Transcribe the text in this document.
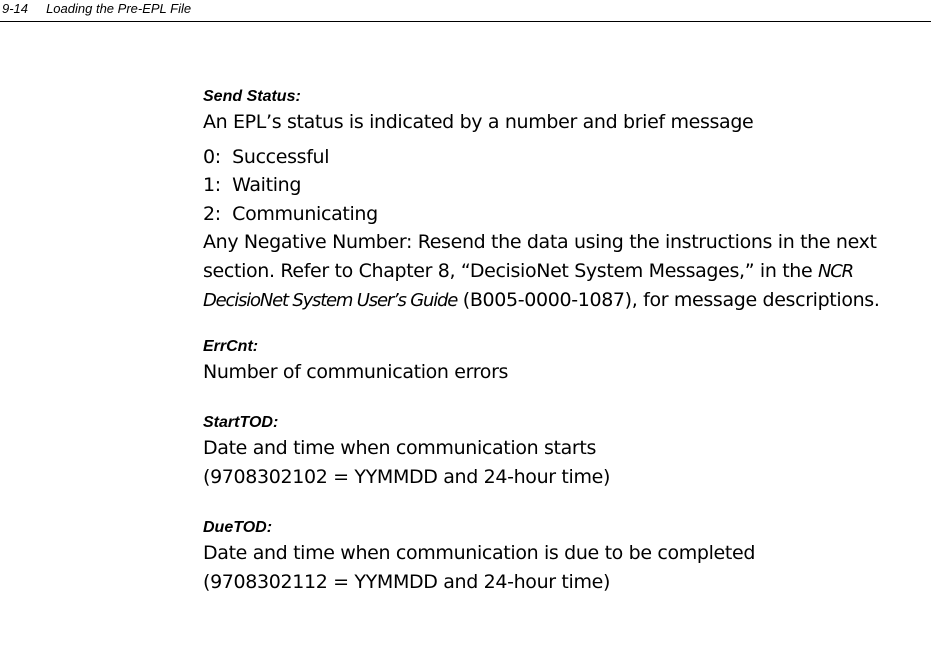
9-14     Loading the Pre-EPL File

Send Status:

An EPL’s status is indicated by a number and brief message

0:  Successful

1:  Waiting

2:  Communicating

Any Negative Number: Resend the data using the instructions in the next section. Refer to Chapter 8, “DecisioNet System Messages,” in the NCR DecisioNet System User’s Guide (B005-0000-1087), for message descriptions.

ErrCnt:

Number of communication errors

StartTOD:

Date and time when communication starts

(9708302102 = YYMMDD and 24-hour time)

DueTOD:

Date and time when communication is due to be completed

(9708302112 = YYMMDD and 24-hour time)
